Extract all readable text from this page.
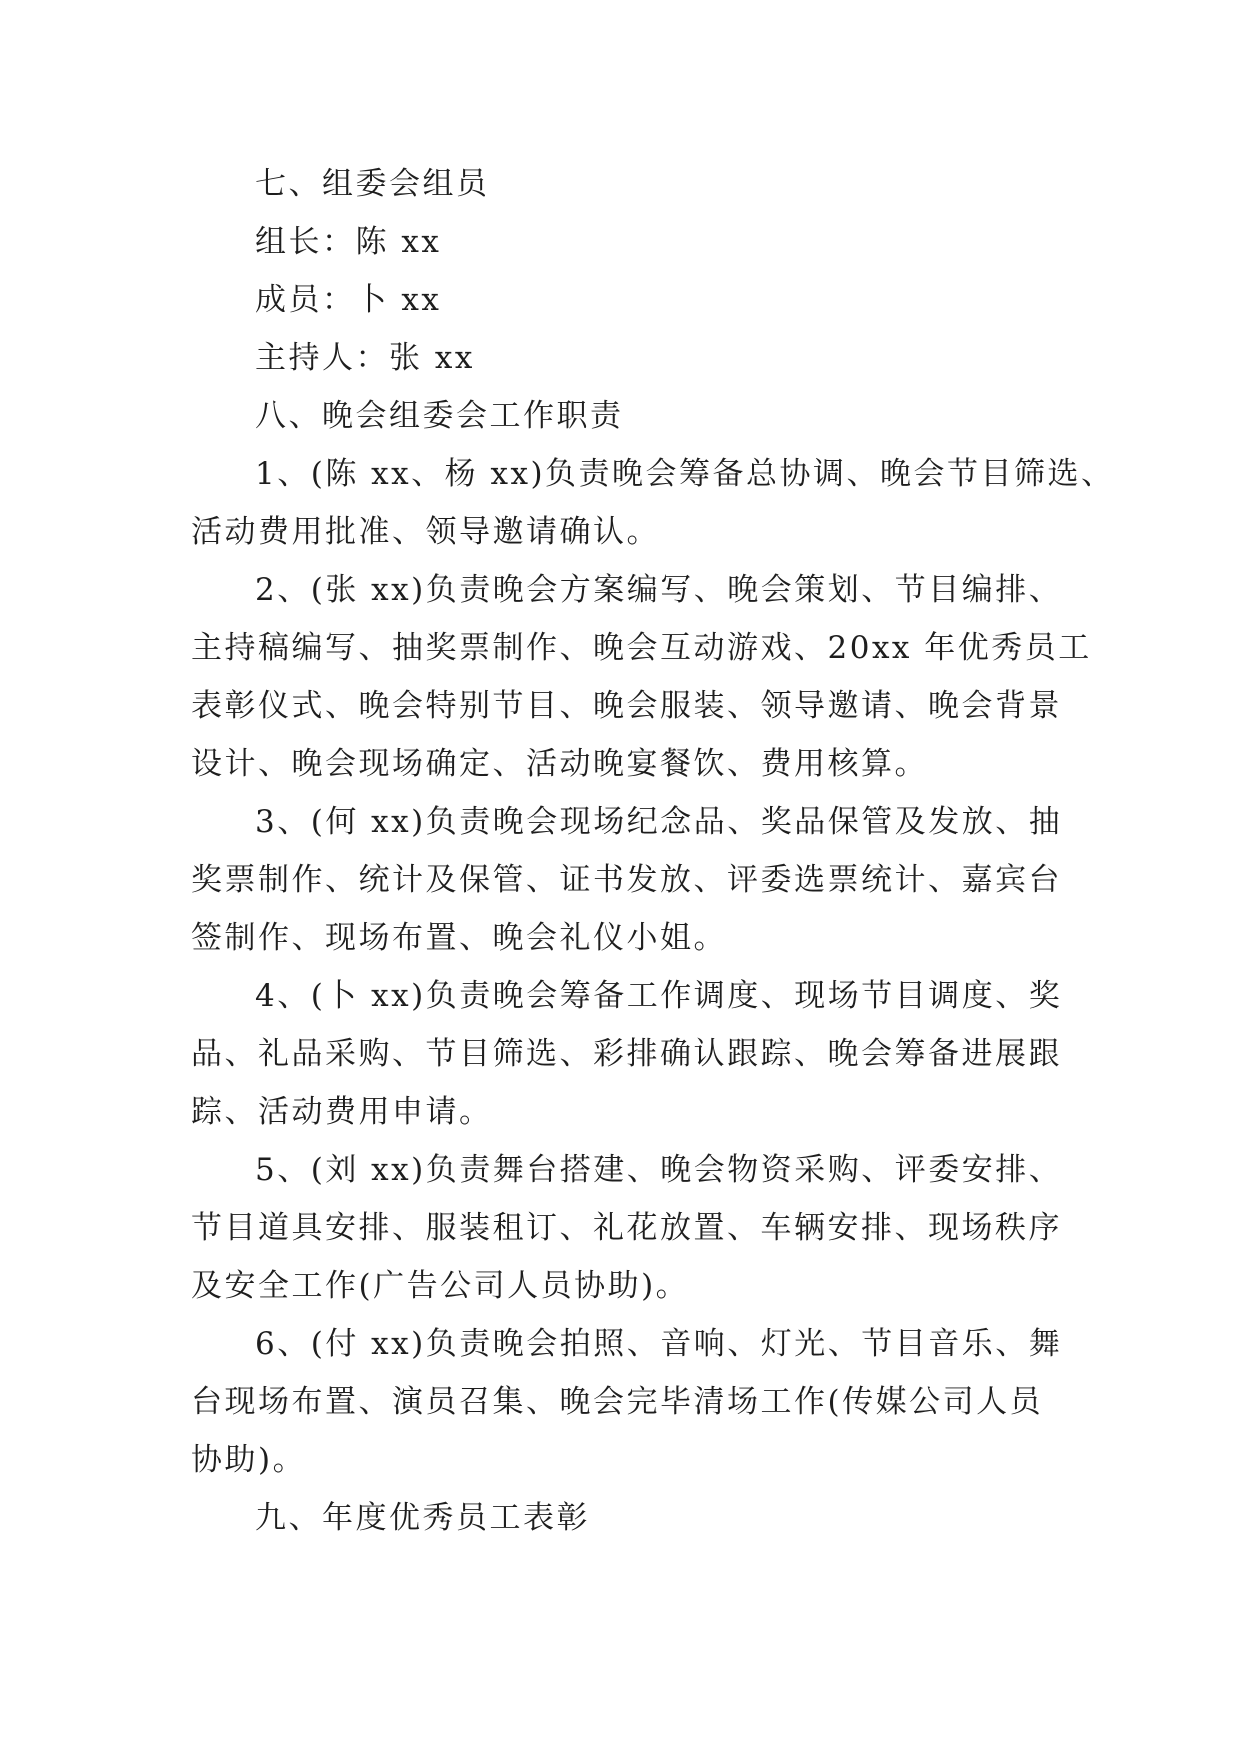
七、组委会组员
组长：陈 xx
成员：卜 xx
主持人：张 xx
八、晚会组委会工作职责
1、(陈 xx、杨 xx)负责晚会筹备总协调、晚会节目筛选、
活动费用批准、领导邀请确认。
2、(张 xx)负责晚会方案编写、晚会策划、节目编排、
主持稿编写、抽奖票制作、晚会互动游戏、20xx 年优秀员工
表彰仪式、晚会特别节目、晚会服装、领导邀请、晚会背景
设计、晚会现场确定、活动晚宴餐饮、费用核算。
3、(何 xx)负责晚会现场纪念品、奖品保管及发放、抽
奖票制作、统计及保管、证书发放、评委选票统计、嘉宾台
签制作、现场布置、晚会礼仪小姐。
4、(卜 xx)负责晚会筹备工作调度、现场节目调度、奖
品、礼品采购、节目筛选、彩排确认跟踪、晚会筹备进展跟
踪、活动费用申请。
5、(刘 xx)负责舞台搭建、晚会物资采购、评委安排、
节目道具安排、服装租订、礼花放置、车辆安排、现场秩序
及安全工作(广告公司人员协助)。
6、(付 xx)负责晚会拍照、音响、灯光、节目音乐、舞
台现场布置、演员召集、晚会完毕清场工作(传媒公司人员
协助)。
九、年度优秀员工表彰
